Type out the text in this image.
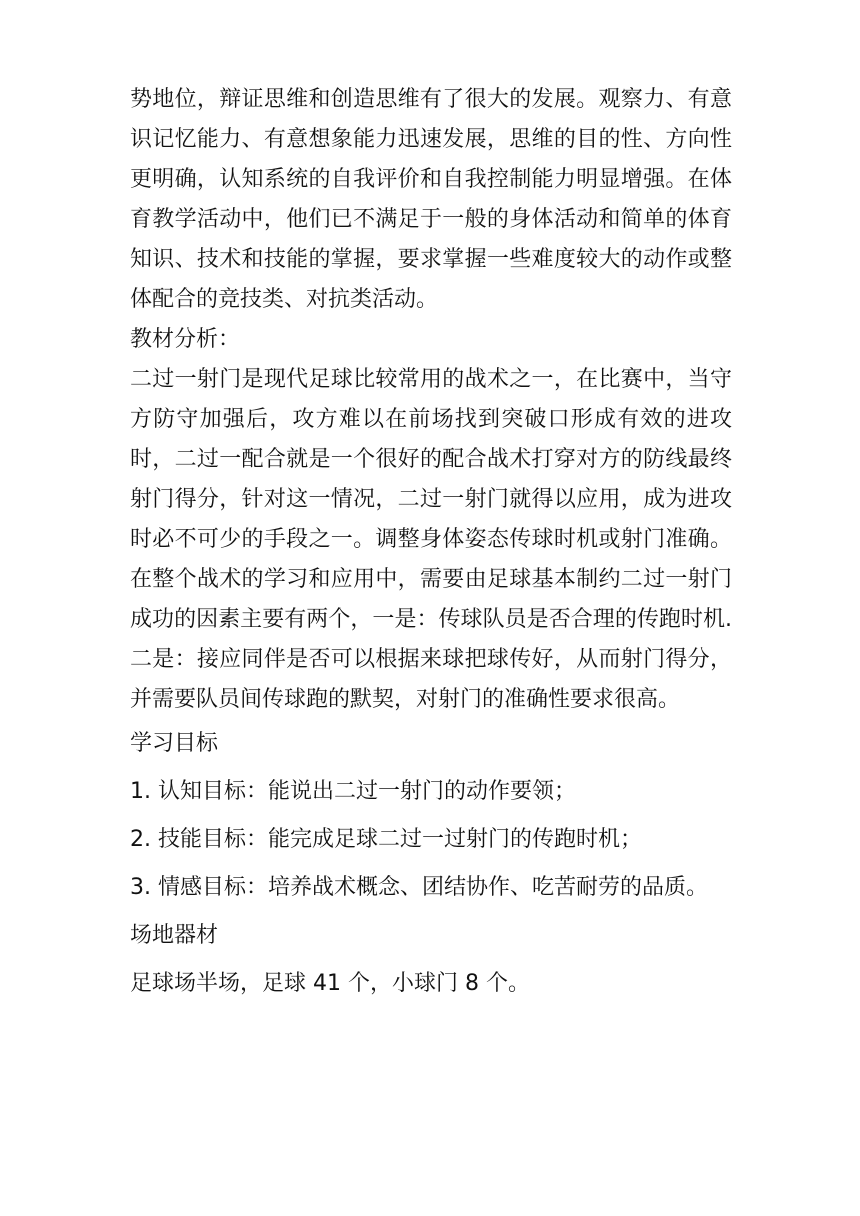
势地位，辩证思维和创造思维有了很大的发展。观察力、有意识记忆能力、有意想象能力迅速发展，思维的目的性、方向性更明确，认知系统的自我评价和自我控制能力明显增强。在体育教学活动中，他们已不满足于一般的身体活动和简单的体育知识、技术和技能的掌握，要求掌握一些难度较大的动作或整体配合的竞技类、对抗类活动。

教材分析：

二过一射门是现代足球比较常用的战术之一，在比赛中，当守方防守加强后，攻方难以在前场找到突破口形成有效的进攻时，二过一配合就是一个很好的配合战术打穿对方的防线最终射门得分，针对这一情况，二过一射门就得以应用，成为进攻时必不可少的手段之一。调整身体姿态传球时机或射门准确。在整个战术的学习和应用中，需要由足球基本制约二过一射门成功的因素主要有两个，一是：传球队员是否合理的传跑时机.二是：接应同伴是否可以根据来球把球传好，从而射门得分，并需要队员间传球跑的默契，对射门的准确性要求很高。

学习目标

1. 认知目标：能说出二过一射门的动作要领；

2. 技能目标：能完成足球二过一过射门的传跑时机；

3. 情感目标：培养战术概念、团结协作、吃苦耐劳的品质。

场地器材

足球场半场，足球 41 个，小球门 8 个。
